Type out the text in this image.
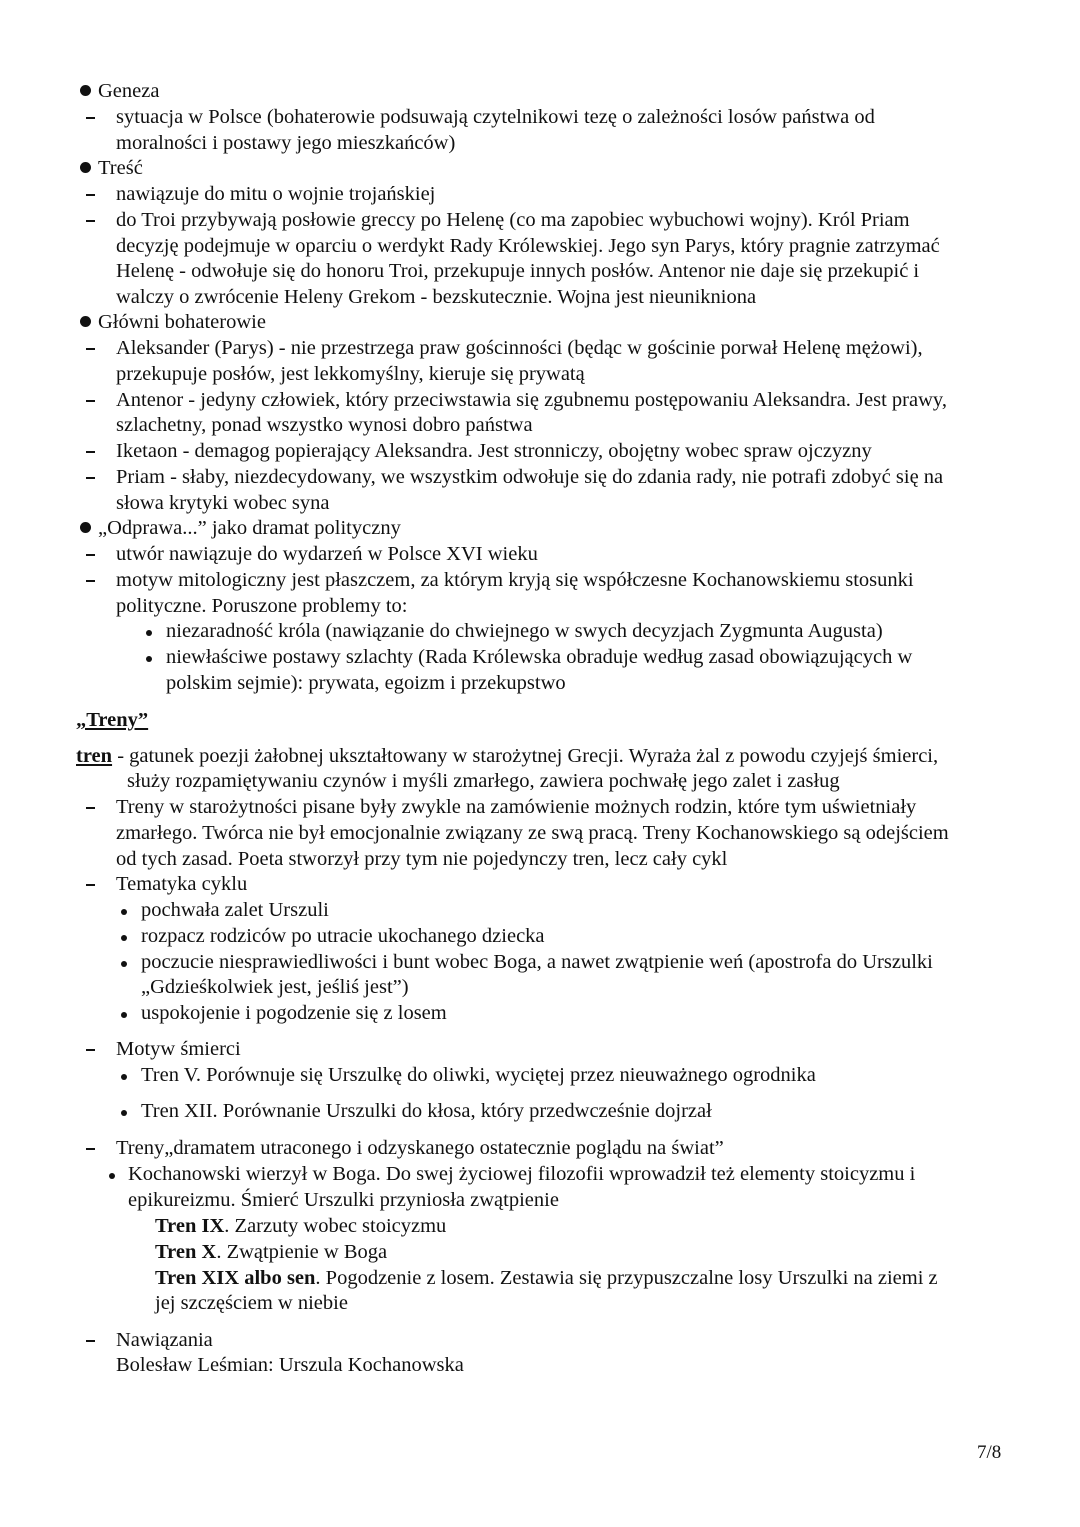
Geneza
sytuacja w Polsce (bohaterowie podsuwają czytelnikowi tezę o zależności losów państwa od
moralności i postawy jego mieszkańców)
Treść
nawiązuje do mitu o wojnie trojańskiej
do Troi przybywają posłowie greccy po Helenę (co ma zapobiec wybuchowi wojny). Król Priam
decyzję podejmuje w oparciu o werdykt Rady Królewskiej. Jego syn Parys, który pragnie zatrzymać
Helenę - odwołuje się do honoru Troi, przekupuje innych posłów. Antenor nie daje się przekupić i
walczy o zwrócenie Heleny Grekom - bezskutecznie. Wojna jest nieunikniona
Główni bohaterowie
Aleksander (Parys) - nie przestrzega praw gościnności (będąc w gościnie porwał Helenę mężowi),
przekupuje posłów, jest lekkomyślny, kieruje się prywatą
Antenor - jedyny człowiek, który przeciwstawia się zgubnemu postępowaniu Aleksandra. Jest prawy,
szlachetny, ponad wszystko wynosi dobro państwa
Iketaon - demagog popierający Aleksandra. Jest stronniczy, obojętny wobec spraw ojczyzny
Priam - słaby, niezdecydowany, we wszystkim odwołuje się do zdania rady, nie potrafi zdobyć się na
słowa krytyki wobec syna
„Odprawa...” jako dramat polityczny
utwór nawiązuje do wydarzeń w Polsce XVI wieku
motyw mitologiczny jest płaszczem, za którym kryją się współczesne Kochanowskiemu stosunki
polityczne. Poruszone problemy to:
niezaradność króla (nawiązanie do chwiejnego w swych decyzjach Zygmunta Augusta)
niewłaściwe postawy szlachty (Rada Królewska obraduje według zasad obowiązujących w
polskim sejmie): prywata, egoizm i przekupstwo
„Treny”
tren - gatunek poezji żałobnej ukształtowany w starożytnej Grecji. Wyraża żal z powodu czyjejś śmierci,
służy rozpamiętywaniu czynów i myśli zmarłego, zawiera pochwałę jego zalet i zasług
Treny w starożytności pisane były zwykle na zamówienie możnych rodzin, które tym uświetniały
zmarłego. Twórca nie był emocjonalnie związany ze swą pracą. Treny Kochanowskiego są odejściem
od tych zasad. Poeta stworzył przy tym nie pojedynczy tren, lecz cały cykl
Tematyka cyklu
pochwała zalet Urszuli
rozpacz rodziców po utracie ukochanego dziecka
poczucie niesprawiedliwości i bunt wobec Boga, a nawet zwątpienie weń (apostrofa do Urszulki
„Gdzieśkolwiek jest, jeśliś jest”)
uspokojenie i pogodzenie się z losem
Motyw śmierci
Tren V. Porównuje się Urszulkę do oliwki, wyciętej przez nieuważnego ogrodnika
Tren XII. Porównanie Urszulki do kłosa, który przedwcześnie dojrzał
Treny„dramatem utraconego i odzyskanego ostatecznie poglądu na świat”
Kochanowski wierzył w Boga. Do swej życiowej filozofii wprowadził też elementy stoicyzmu i
epikureizmu. Śmierć Urszulki przyniosła zwątpienie
Tren IX. Zarzuty wobec stoicyzmu
Tren X. Zwątpienie w Boga
Tren XIX albo sen. Pogodzenie z losem. Zestawia się przypuszczalne losy Urszulki na ziemi z
jej szczęściem w niebie
Nawiązania
Bolesław Leśmian: Urszula Kochanowska
7/8
